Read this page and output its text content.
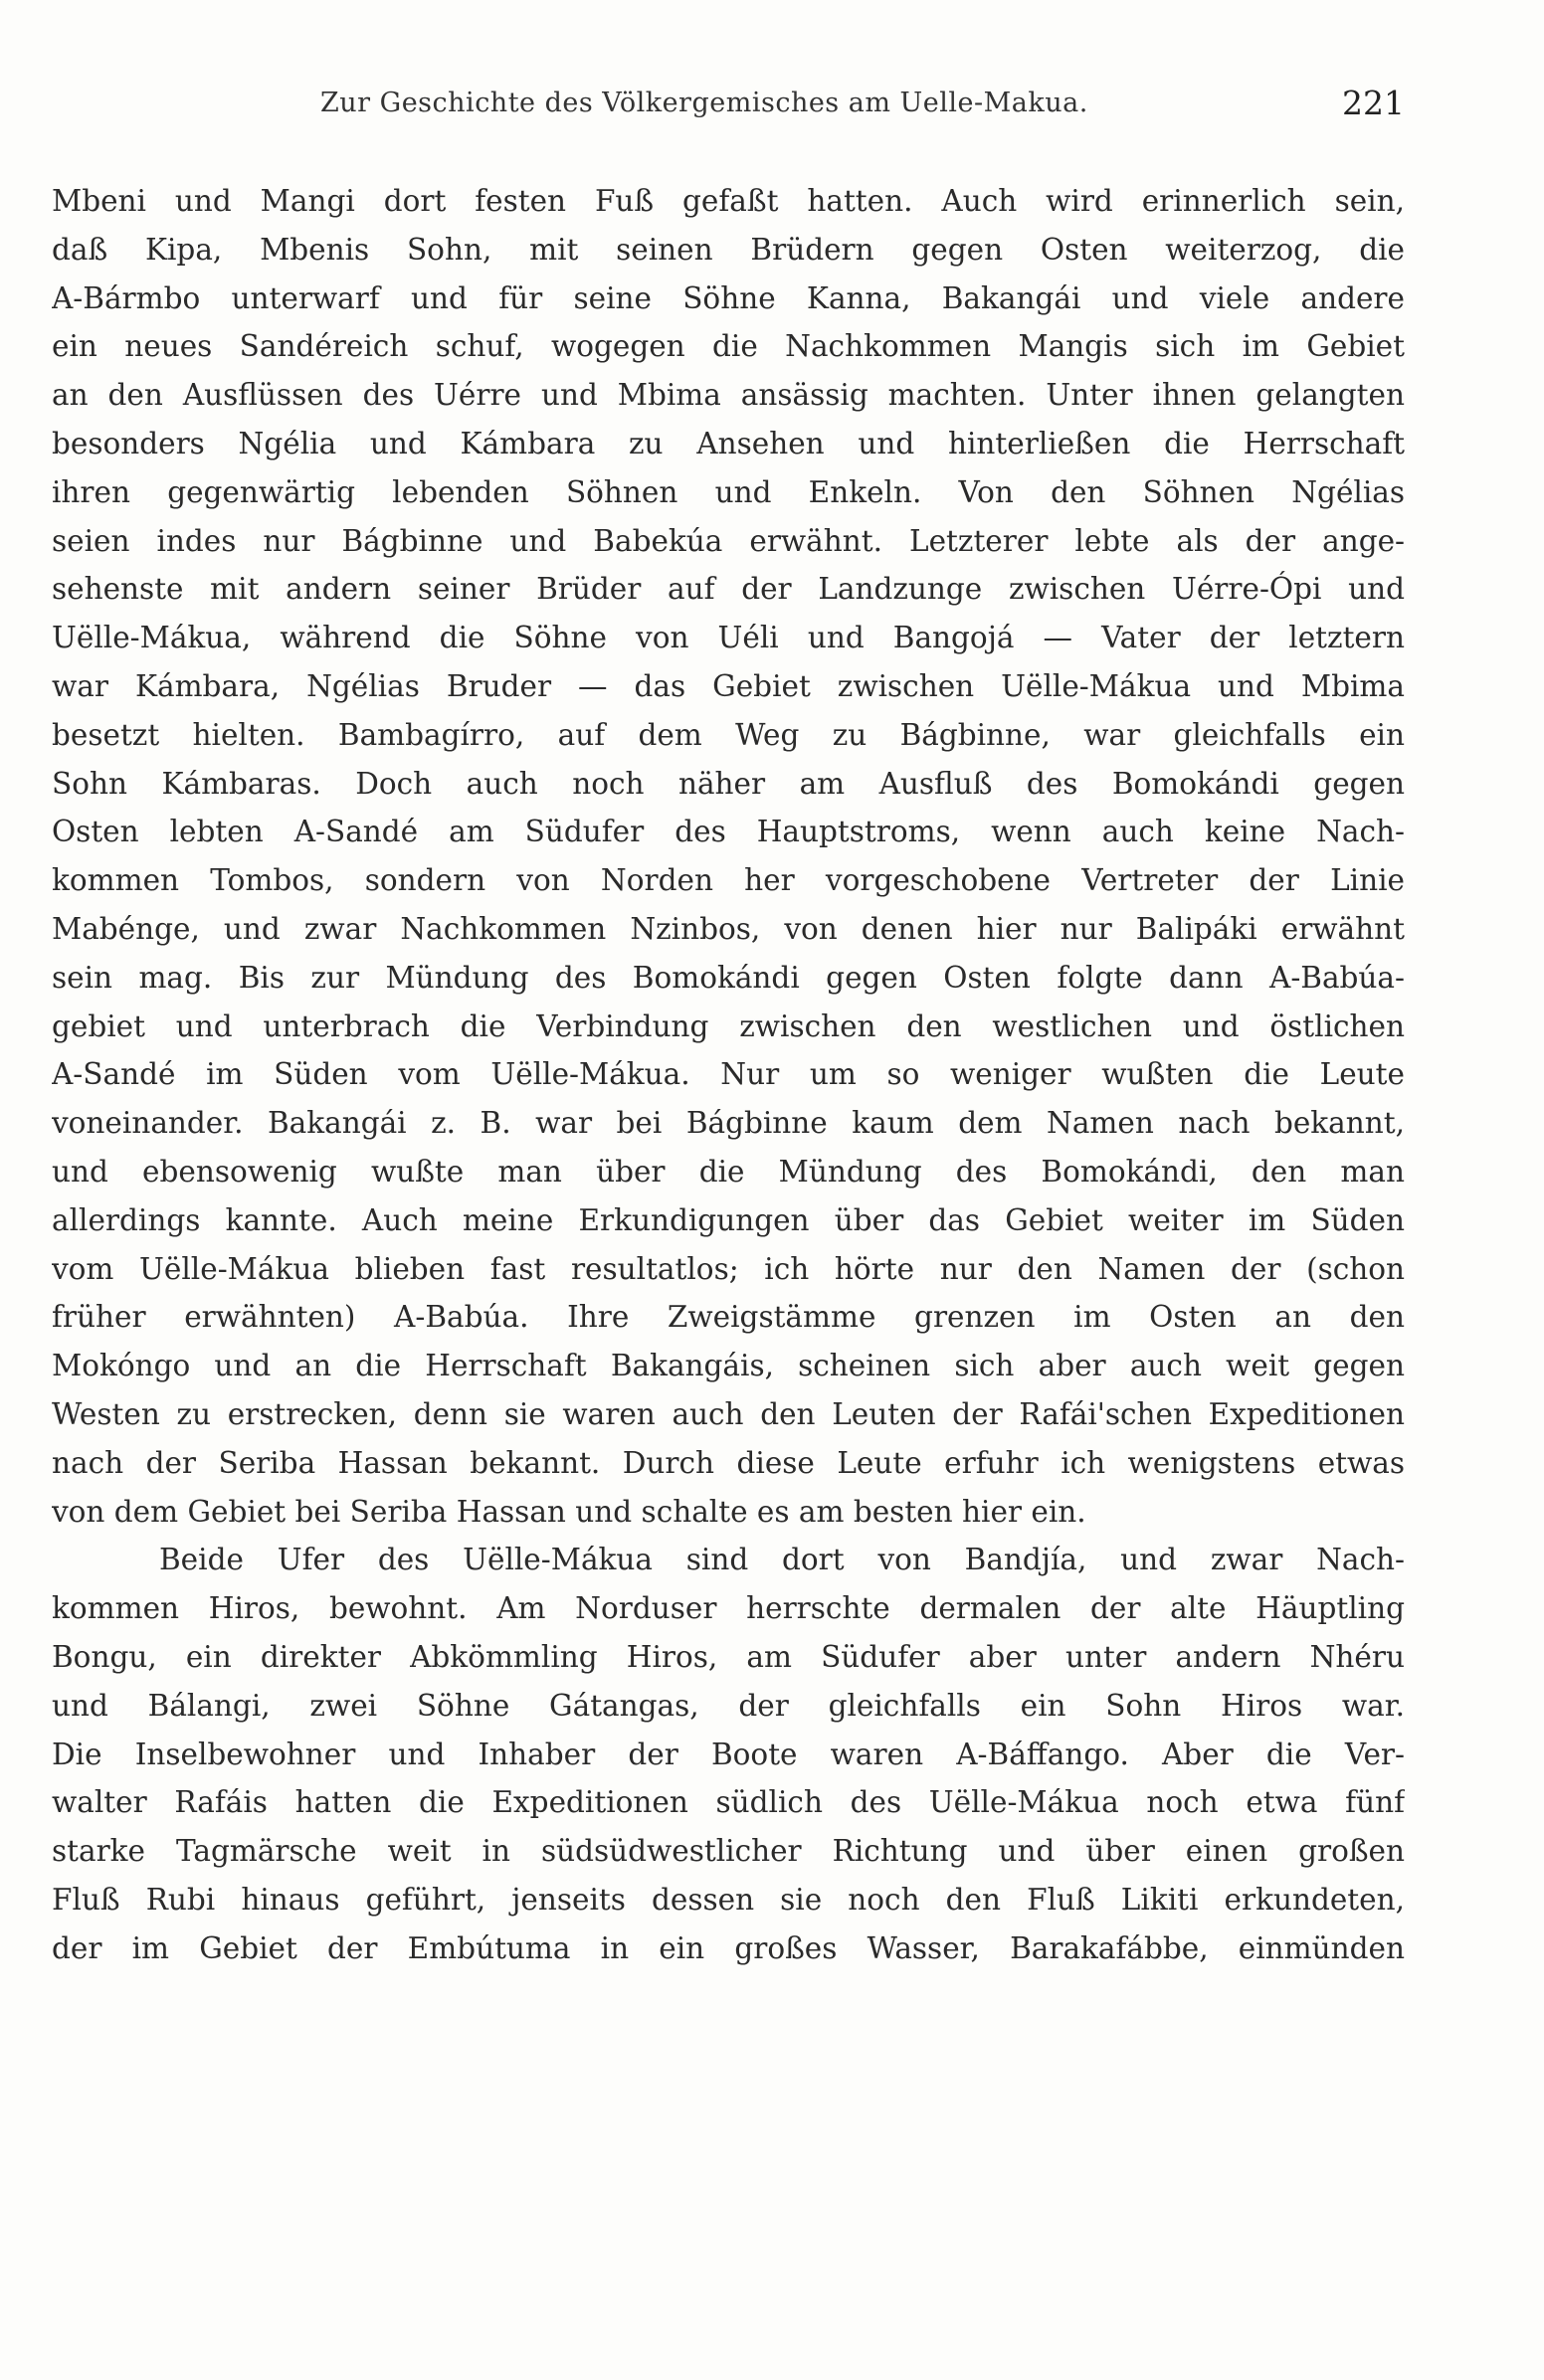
Zur Geschichte des Völkergemisches am Uelle-Makua.	221
Mbeni und Mangi dort festen Fuß gefaßt hatten. Auch wird erinnerlich sein,
daß Kipa, Mbenis Sohn, mit seinen Brüdern gegen Osten weiterzog, die
A-Bármbo unterwarf und für seine Söhne Kanna, Bakangái und viele andere
ein neues Sandéreich schuf, wogegen die Nachkommen Mangis sich im Gebiet
an den Ausflüssen des Uérre und Mbima ansässig machten. Unter ihnen gelangten
besonders Ngélia und Kámbara zu Ansehen und hinterließen die Herrschaft
ihren gegenwärtig lebenden Söhnen und Enkeln. Von den Söhnen Ngélias
seien indes nur Bágbinne und Babekúa erwähnt. Letzterer lebte als der ange-
sehenste mit andern seiner Brüder auf der Landzunge zwischen Uérre-Ópi und
Uëlle-Mákua, während die Söhne von Uéli und Bangojá — Vater der letztern
war Kámbara, Ngélias Bruder — das Gebiet zwischen Uëlle-Mákua und Mbima
besetzt hielten. Bambagírro, auf dem Weg zu Bágbinne, war gleichfalls ein
Sohn Kámbaras. Doch auch noch näher am Ausfluß des Bomokándi gegen
Osten lebten A-Sandé am Südufer des Hauptstroms, wenn auch keine Nach-
kommen Tombos, sondern von Norden her vorgeschobene Vertreter der Linie
Mabénge, und zwar Nachkommen Nzinbos, von denen hier nur Balipáki erwähnt
sein mag. Bis zur Mündung des Bomokándi gegen Osten folgte dann A-Babúa-
gebiet und unterbrach die Verbindung zwischen den westlichen und östlichen
A-Sandé im Süden vom Uëlle-Mákua. Nur um so weniger wußten die Leute
voneinander. Bakangái z. B. war bei Bágbinne kaum dem Namen nach bekannt,
und ebensowenig wußte man über die Mündung des Bomokándi, den man
allerdings kannte. Auch meine Erkundigungen über das Gebiet weiter im Süden
vom Uëlle-Mákua blieben fast resultatlos; ich hörte nur den Namen der (schon
früher erwähnten) A-Babúa. Ihre Zweigstämme grenzen im Osten an den
Mokóngo und an die Herrschaft Bakangáis, scheinen sich aber auch weit gegen
Westen zu erstrecken, denn sie waren auch den Leuten der Rafái'schen Expeditionen
nach der Seriba Hassan bekannt. Durch diese Leute erfuhr ich wenigstens etwas
von dem Gebiet bei Seriba Hassan und schalte es am besten hier ein.
Beide Ufer des Uëlle-Mákua sind dort von Bandjía, und zwar Nach-
kommen Hiros, bewohnt. Am Norduser herrschte dermalen der alte Häuptling
Bongu, ein direkter Abkömmling Hiros, am Südufer aber unter andern Nhéru
und Bálangi, zwei Söhne Gátangas, der gleichfalls ein Sohn Hiros war.
Die Inselbewohner und Inhaber der Boote waren A-Báffango. Aber die Ver-
walter Rafáis hatten die Expeditionen südlich des Uëlle-Mákua noch etwa fünf
starke Tagmärsche weit in südsüdwestlicher Richtung und über einen großen
Fluß Rubi hinaus geführt, jenseits dessen sie noch den Fluß Likiti erkundeten,
der im Gebiet der Embútuma in ein großes Wasser, Barakafábbe, einmünden
